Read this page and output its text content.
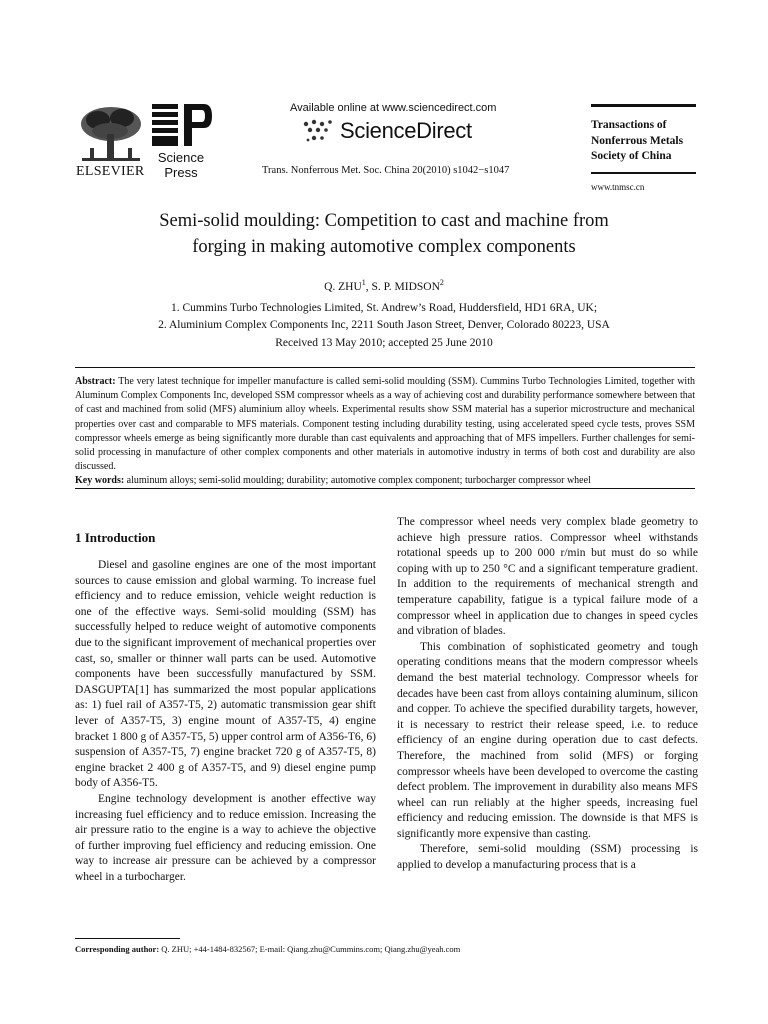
ELSEVIER
Science
Press
Available online at www.sciencedirect.com
ScienceDirect
Trans. Nonferrous Met. Soc. China 20(2010) s1042−s1047
Transactions of
Nonferrous Metals
Society of China
www.tnmsc.cn
Semi-solid moulding: Competition to cast and machine from
forging in making automotive complex components
Q. ZHU$^1$, S. P. MIDSON$^2$
1. Cummins Turbo Technologies Limited, St. Andrew’s Road, Huddersfield, HD1 6RA, UK;
2. Aluminium Complex Components Inc, 2211 South Jason Street, Denver, Colorado 80223, USA
Received 13 May 2010; accepted 25 June 2010
Abstract: The very latest technique for impeller manufacture is called semi-solid moulding (SSM). Cummins Turbo Technologies Limited, together with Aluminum Complex Components Inc, developed SSM compressor wheels as a way of achieving cost and durability performance somewhere between that of cast and machined from solid (MFS) aluminium alloy wheels. Experimental results show SSM material has a superior microstructure and mechanical properties over cast and comparable to MFS materials. Component testing including durability testing, using accelerated speed cycle tests, proves SSM compressor wheels emerge as being significantly more durable than cast equivalents and approaching that of MFS impellers. Further challenges for semi-solid processing in manufacture of other complex components and other materials in automotive industry in terms of both cost and durability are also discussed.
Key words: aluminum alloys; semi-solid moulding; durability; automotive complex component; turbocharger compressor wheel
1 Introduction

Diesel and gasoline engines are one of the most important sources to cause emission and global warming. To increase fuel efficiency and to reduce emission, vehicle weight reduction is one of the effective ways. Semi-solid moulding (SSM) has successfully helped to reduce weight of automotive components due to the significant improvement of mechanical properties over cast, so, smaller or thinner wall parts can be used. Automotive components have been successfully manufactured by SSM. DASGUPTA[1] has summarized the most popular applications as: 1) fuel rail of A357-T5, 2) automatic transmission gear shift lever of A357-T5, 3) engine mount of A357-T5, 4) engine bracket 1 800 g of A357-T5, 5) upper control arm of A356-T6, 6) suspension of A357-T5, 7) engine bracket 720 g of A357-T5, 8) engine bracket 2 400 g of A357-T5, and 9) diesel engine pump body of A356-T5.

Engine technology development is another effective way increasing fuel efficiency and to reduce emission. Increasing the air pressure ratio to the engine is a way to achieve the objective of further improving fuel efficiency and reducing emission. One way to increase air pressure can be achieved by a compressor wheel in a turbocharger.

The compressor wheel needs very complex blade geometry to achieve high pressure ratios. Compressor wheel withstands rotational speeds up to 200 000 r/min but must do so while coping with up to 250 °C and a significant temperature gradient. In addition to the requirements of mechanical strength and temperature capability, fatigue is a typical failure mode of a compressor wheel in application due to changes in speed cycles and vibration of blades.

This combination of sophisticated geometry and tough operating conditions means that the modern compressor wheels demand the best material technology. Compressor wheels for decades have been cast from alloys containing aluminum, silicon and copper. To achieve the specified durability targets, however, it is necessary to restrict their release speed, i.e. to reduce efficiency of an engine during operation due to cast defects. Therefore, the machined from solid (MFS) or forging compressor wheels have been developed to overcome the casting defect problem. The improvement in durability also means MFS wheel can run reliably at the higher speeds, increasing fuel efficiency and reducing emission. The downside is that MFS is significantly more expensive than casting.

Therefore, semi-solid moulding (SSM) processing is applied to develop a manufacturing process that is a

Corresponding author: Q. ZHU; +44-1484-832567; E-mail: Qiang.zhu@Cummins.com; Qiang.zhu@yeah.com
